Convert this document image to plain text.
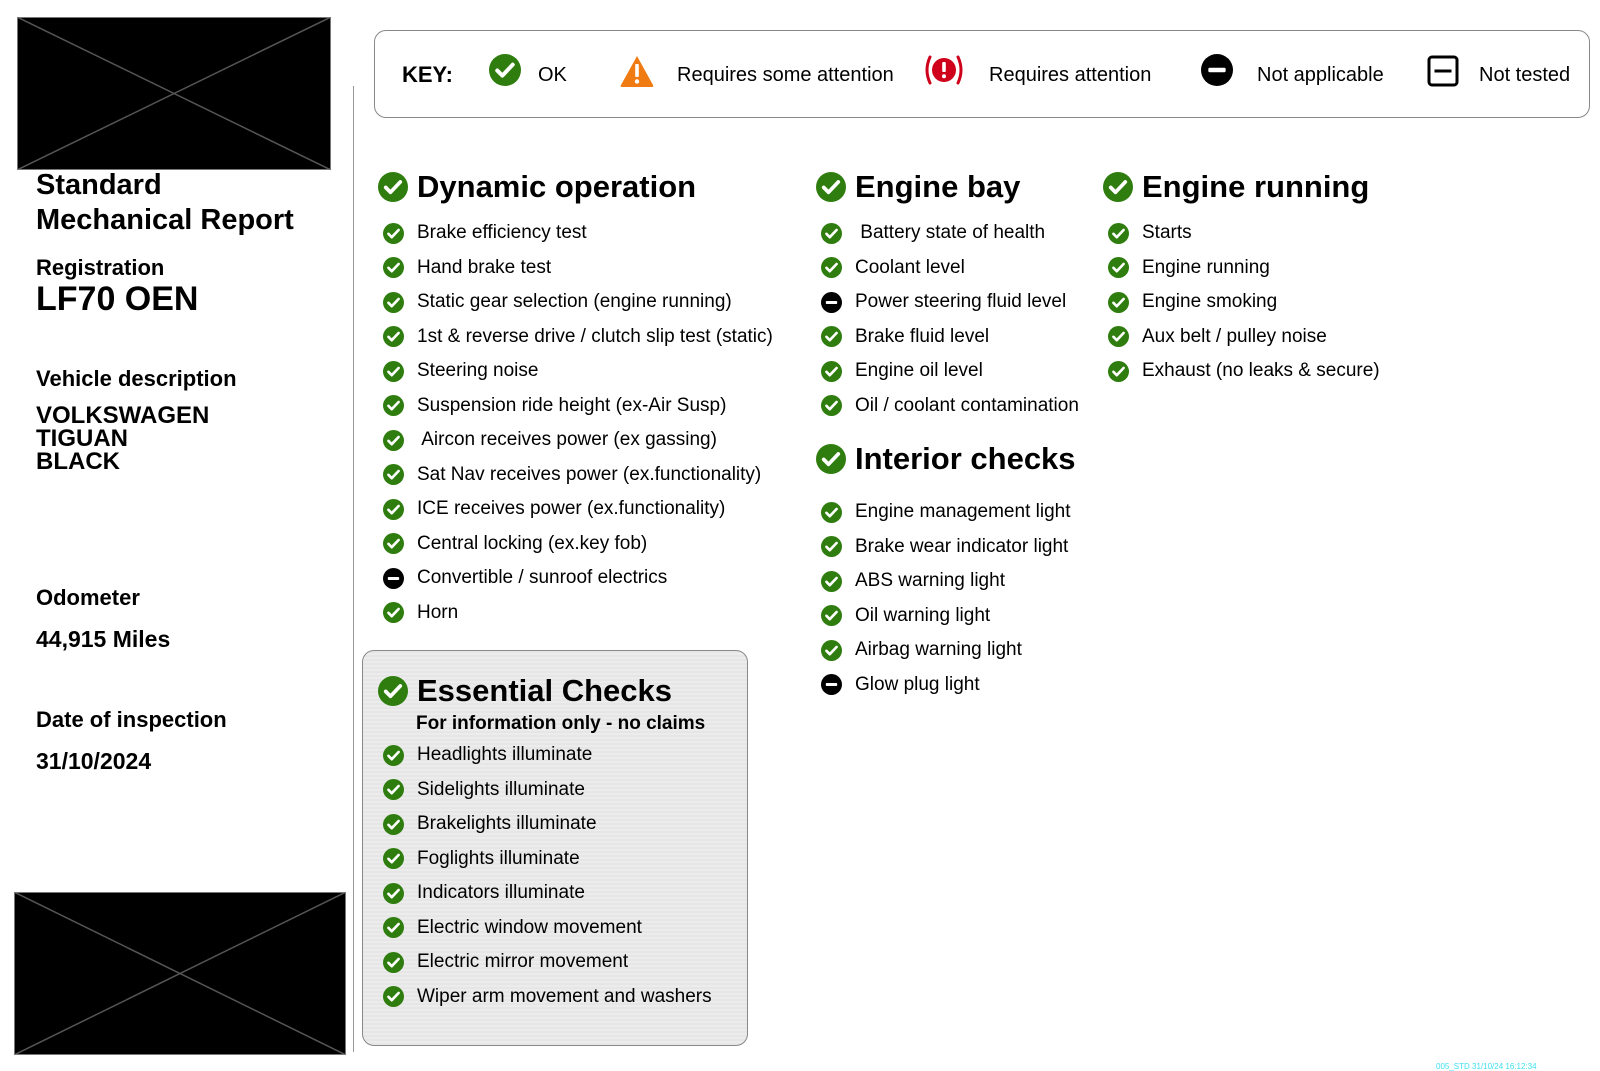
Standard
Mechanical Report
Registration
LF70 OEN
Vehicle description
VOLKSWAGEN
TIGUAN
BLACK
Odometer
44,915 Miles
Date of inspection
31/10/2024
KEY:	OK	Requires some attention	Requires attention	Not applicable	Not tested
Dynamic operation	Engine bay	Engine running
Interior checks
Essential Checks
For information only - no claims
Brake efficiency test
Hand brake test
Static gear selection (engine running)
1st & reverse drive / clutch slip test (static)
Steering noise
Suspension ride height (ex-Air Susp)
Aircon receives power (ex gassing)
Sat Nav receives power (ex.functionality)
ICE receives power (ex.functionality)
Central locking (ex.key fob)
Convertible / sunroof electrics
Horn
Battery state of health
Coolant level
Power steering fluid level
Brake fluid level
Engine oil level
Oil / coolant contamination
Starts
Engine running
Engine smoking
Aux belt / pulley noise
Exhaust (no leaks & secure)
Engine management light
Brake wear indicator light
ABS warning light
Oil warning light
Airbag warning light
Glow plug light
Headlights illuminate
Sidelights illuminate
Brakelights illuminate
Foglights illuminate
Indicators illuminate
Electric window movement
Electric mirror movement
Wiper arm movement and washers
005_STD 31/10/24 16:12:34
